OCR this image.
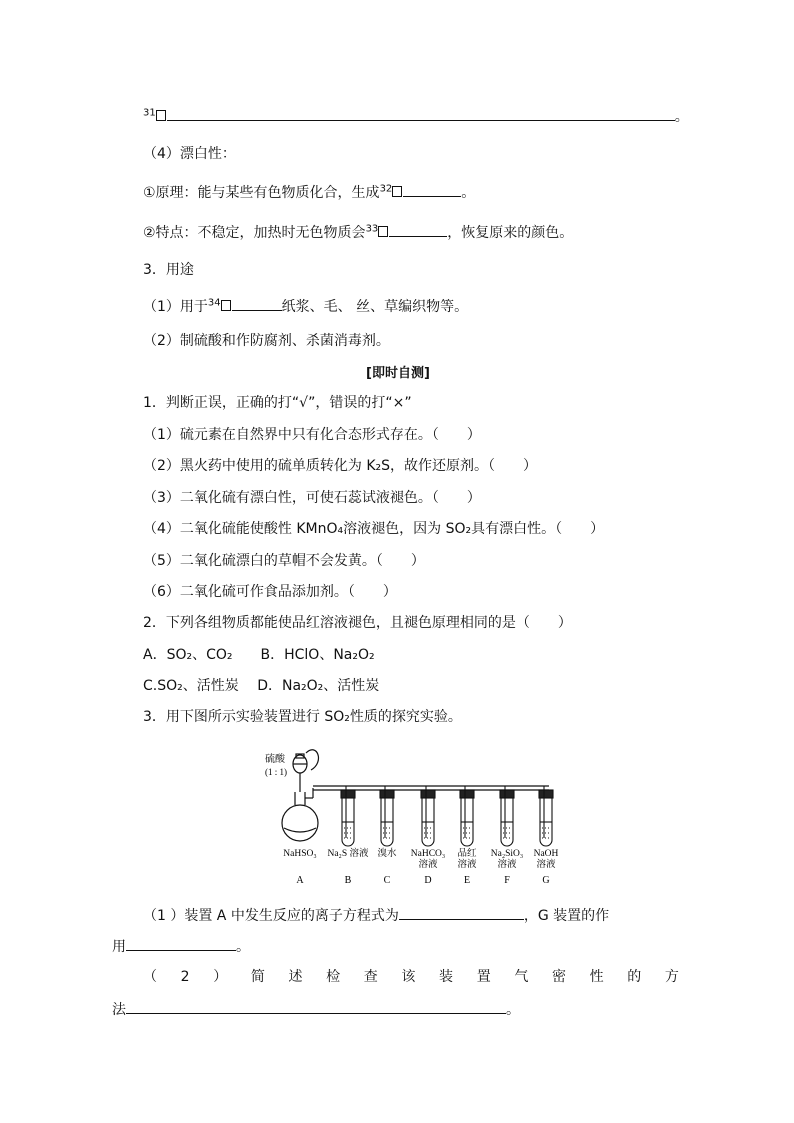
$^{31}$	。
（4）漂白性：
①原理：能与某些有色物质化合，生成$^{32}$	。
②特点：不稳定，加热时无色物质会$^{33}$	，恢复原来的颜色。
3．用途
（1）用于$^{34}$	纸浆、毛、 丝、草编织物等。
（2）制硫酸和作防腐剂、杀菌消毒剂。
[即时自测]
1．判断正误，正确的打“√”，错误的打“×”
（1）硫元素在自然界中只有化合态形式存在。（　　）
（2）黑火药中使用的硫单质转化为 K₂S，故作还原剂。（　　）
（3）二氧化硫有漂白性，可使石蕊试液褪色。（　　）
（4）二氧化硫能使酸性 KMnO₄溶液褪色，因为 SO₂具有漂白性。（　　）
（5）二氧化硫漂白的草帽不会发黄。（　　）
（6）二氧化硫可作食品添加剂。（　　）
2．下列各组物质都能使品红溶液褪色，且褪色原理相同的是（　　）
A．SO₂、CO₂　　B．HClO、Na₂O₂
C.SO₂、活性炭　 D．Na₂O₂、活性炭
3．用下图所示实验装置进行 SO₂性质的探究实验。
硫酸
(1 : 1)
NaHSO₃
A
Na₂S 溶液
B
溴水
C
NaHCO₃
溶液
D
品红
溶液
E
Na₂SiO₃
溶液
F
NaOH
溶液
G
（1 ）装置 A 中发生反应的离子方程式为	，G 装置的作
用	。
（ 2 ） 简 述 检 查 该 装 置 气 密 性 的 方
法	。
